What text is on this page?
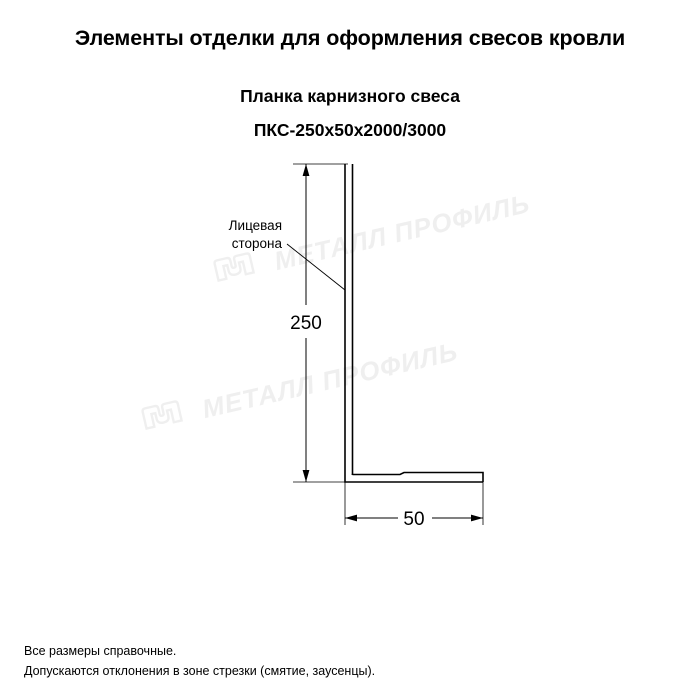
Элементы отделки для оформления свесов кровли
Планка карнизного свеса
ПКС-250х50х2000/3000
МЕТАЛЛ ПРОФИЛЬ
МЕТАЛЛ ПРОФИЛЬ
250
50
Лицевая
сторона
Все размеры справочные.
Допускаются отклонения в зоне стрезки (смятие, заусенцы).
